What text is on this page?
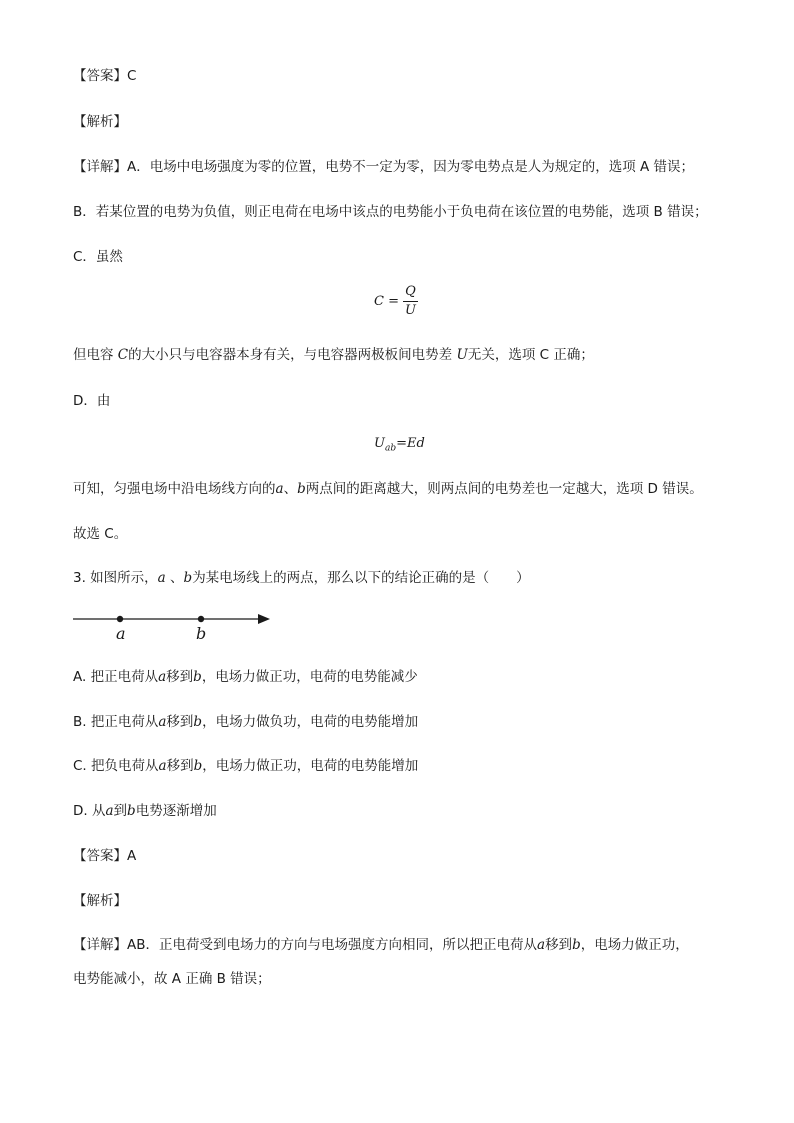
【答案】C
【解析】
【详解】A．电场中电场强度为零的位置，电势不一定为零，因为零电势点是人为规定的，选项 A 错误；
B．若某位置的电势为负值，则正电荷在电场中该点的电势能小于负电荷在该位置的电势能，选项 B 错误；
C．虽然
$C = \frac{Q}{U}$
但电容 C的大小只与电容器本身有关，与电容器两极板间电势差 U无关，选项 C 正确；
D．由
$U_{ab}=Ed$
可知，匀强电场中沿电场线方向的a、b两点间的距离越大，则两点间的电势差也一定越大，选项 D 错误。
故选 C。
3. 如图所示，a 、b为某电场线上的两点，那么以下的结论正确的是（　　）
a	b
A. 把正电荷从a移到b，电场力做正功，电荷的电势能减少
B. 把正电荷从a移到b，电场力做负功，电荷的电势能增加
C. 把负电荷从a移到b，电场力做正功，电荷的电势能增加
D. 从a到b电势逐渐增加
【答案】A
【解析】
【详解】AB．正电荷受到电场力的方向与电场强度方向相同，所以把正电荷从a移到b，电场力做正功，
电势能减小，故 A 正确 B 错误；
